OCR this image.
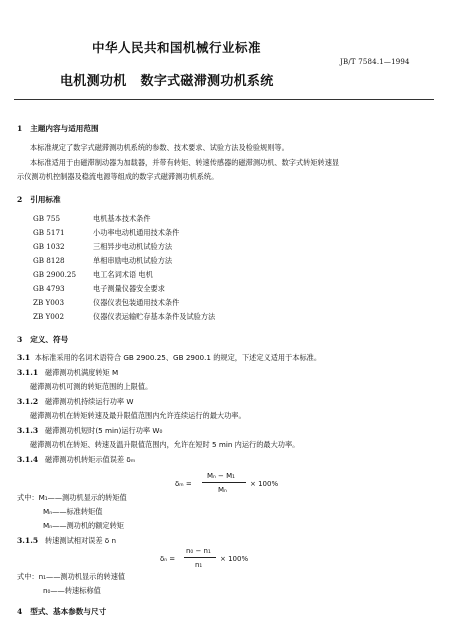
中华人民共和国机械行业标准
JB/T 7584.1—1994
电机测功机 数字式磁滞测功机系统
1 主题内容与适用范围
本标准规定了数字式磁滞测功机系统的参数、技术要求、试验方法及检验规则等。
本标准适用于由磁滞制动器为加载器，并带有转矩、转速传感器的磁滞测功机、数字式转矩转速显
示仪测功机控制器及稳流电源等组成的数字式磁滞测功机系统。
2 引用标准
GB 755	电机基本技术条件
GB 5171	小功率电动机通用技术条件
GB 1032	三相异步电动机试验方法
GB 8128	单相串励电动机试验方法
GB 2900.25 电工名词术语 电机
GB 4793	电子测量仪器安全要求
ZB Y003	仪器仪表包装通用技术条件
ZB Y002	仪器仪表运输贮存基本条件及试验方法
3 定义、符号
3.1 本标准采用的名词术语符合 GB 2900.25、GB 2900.1 的规定，下述定义适用于本标准。
3.1.1 磁滞测功机满度转矩 M
磁滞测功机可测的转矩范围的上限值。
3.1.2 磁滞测功机持续运行功率 W
磁滞测功机在转矩转速及最升限值范围内允许连续运行的最大功率。
3.1.3 磁滞测功机短时(5 min)运行功率 W₀
磁滞测功机在转矩、转速及温升限值范围内，允许在短时 5 min 内运行的最大功率。
3.1.4 磁滞测功机转矩示值误差 δₘ
δₘ =
Mₙ − M₁
Mₙ
× 100%
式中：M₁——测功机显示的转矩值
Mₙ——标准转矩值
Mₙ——测功机的额定转矩
3.1.5 转速测试相对误差 δ n
δₙ =
n₀ − n₁
n₁
× 100%
式中：n₁——测功机显示的转速值
n₀——转速标称值
4 型式、基本参数与尺寸
